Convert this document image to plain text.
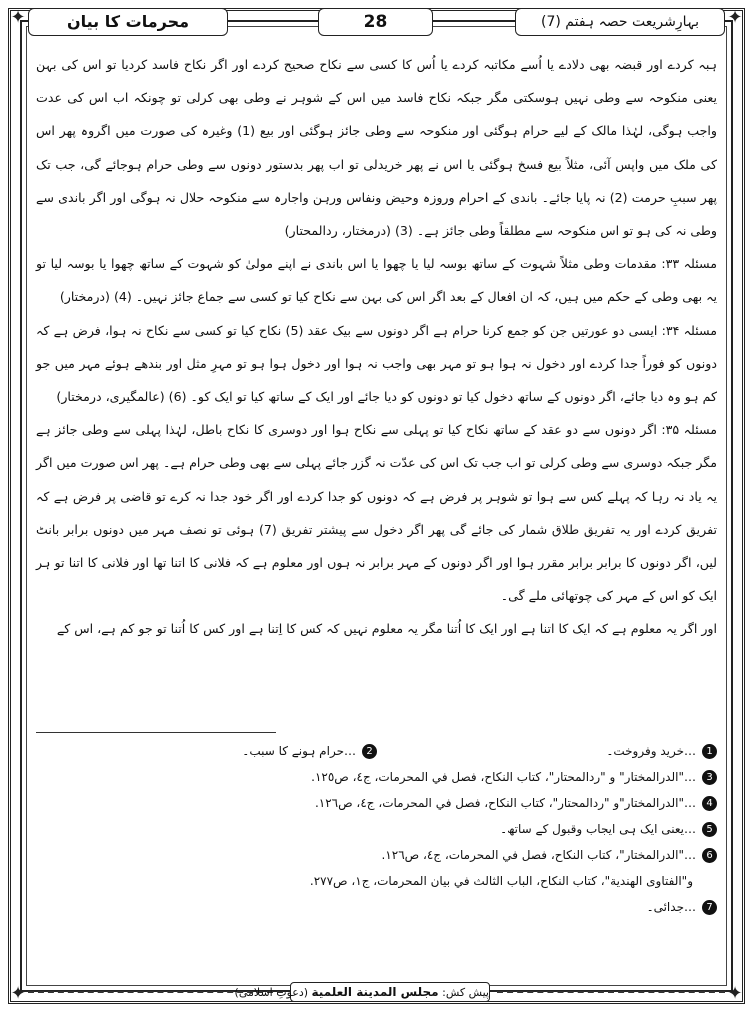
✦	✦
✦	✦
بہارِشریعت حصہ ہفتم (7)
28
محرمات کا بیان

ہبہ کردے اور قبضہ بھی دلادے یا اُسے مکاتبہ کردے یا اُس کا کسی سے نکاح صحیح کردے اور اگر نکاح فاسد کردیا تو اس کی بہن یعنی منکوحہ سے وطی نہیں ہوسکتی مگر جبکہ نکاح فاسد میں اس کے شوہر نے وطی بھی کرلی تو چونکہ اب اس کی عدت واجب ہوگی، لہٰذا مالک کے لیے حرام ہوگئی اور منکوحہ سے وطی جائز ہوگئی اور بیع (1) وغیرہ کی صورت میں اگروہ پھر اس کی ملک میں واپس آئی، مثلاً بیع فسخ ہوگئی یا اس نے پھر خریدلی تو اب پھر بدستور دونوں سے وطی حرام ہوجائے گی، جب تک پھر سببِ حرمت (2) نہ پایا جائے۔ باندی کے احرام وروزہ وحیض ونفاس ورہن واجارہ سے منکوحہ حلال نہ ہوگی اور اگر باندی سے وطی نہ کی ہو تو اس منکوحہ سے مطلقاً وطی جائز ہے۔ (3) (درمختار، ردالمحتار)

مسئلہ ۳۳: مقدمات وطی مثلاً شہوت کے ساتھ بوسہ لیا یا چھوا یا اس باندی نے اپنے مولیٰ کو شہوت کے ساتھ چھوا یا بوسہ لیا تو یہ بھی وطی کے حکم میں ہیں، کہ ان افعال کے بعد اگر اس کی بہن سے نکاح کیا تو کسی سے جماع جائز نہیں۔ (4) (درمختار)

مسئلہ ۳۴: ایسی دو عورتیں جن کو جمع کرنا حرام ہے اگر دونوں سے بیک عقد (5) نکاح کیا تو کسی سے نکاح نہ ہوا، فرض ہے کہ دونوں کو فوراً جدا کردے اور دخول نہ ہوا ہو تو مہر بھی واجب نہ ہوا اور دخول ہوا ہو تو مہرِ مثل اور بندھے ہوئے مہر میں جو کم ہو وہ دیا جائے، اگر دونوں کے ساتھ دخول کیا تو دونوں کو دیا جائے اور ایک کے ساتھ کیا تو ایک کو۔ (6) (عالمگیری، درمختار)

مسئلہ ۳۵: اگر دونوں سے دو عقد کے ساتھ نکاح کیا تو پہلی سے نکاح ہوا اور دوسری کا نکاح باطل، لہٰذا پہلی سے وطی جائز ہے مگر جبکہ دوسری سے وطی کرلی تو اب جب تک اس کی عدّت نہ گزر جائے پہلی سے بھی وطی حرام ہے۔ پھر اس صورت میں اگر یہ یاد نہ رہا کہ پہلے کس سے ہوا تو شوہر پر فرض ہے کہ دونوں کو جدا کردے اور اگر خود جدا نہ کرے تو قاضی پر فرض ہے کہ تفریق کردے اور یہ تفریق طلاق شمار کی جائے گی پھر اگر دخول سے پیشتر تفریق (7) ہوئی تو نصف مہر میں دونوں برابر بانٹ لیں، اگر دونوں کا برابر برابر مقرر ہوا اور اگر دونوں کے مہر برابر نہ ہوں اور معلوم ہے کہ فلانی کا اتنا تھا اور فلانی کا اتنا تو ہر ایک کو اس کے مہر کی چوتھائی ملے گی۔

اور اگر یہ معلوم ہے کہ ایک کا اتنا ہے اور ایک کا اُتنا مگر یہ معلوم نہیں کہ کس کا اِتنا ہے اور کس کا اُتنا تو جو کم ہے، اس کے

1…خرید وفروخت۔
2…حرام ہونے کا سبب۔
3…"الدرالمختار" و "ردالمحتار"، كتاب النكاح، فصل في المحرمات، ج٤، ص١٢٥.
4…"الدرالمختار"و "ردالمحتار"، كتاب النكاح، فصل في المحرمات، ج٤، ص١٢٦.
5…یعنی ایک ہی ایجاب وقبول کے ساتھ۔
6…"الدرالمختار"، كتاب النكاح، فصل في المحرمات، ج٤، ص١٢٦.
و"الفتاوى الهندية"، كتاب النكاح، الباب الثالث في بيان المحرمات، ج١، ص٢٧٧.
7…جدائی۔
پیش کش: مجلس المدينة العلمية (دعوتِ اسلامی)
